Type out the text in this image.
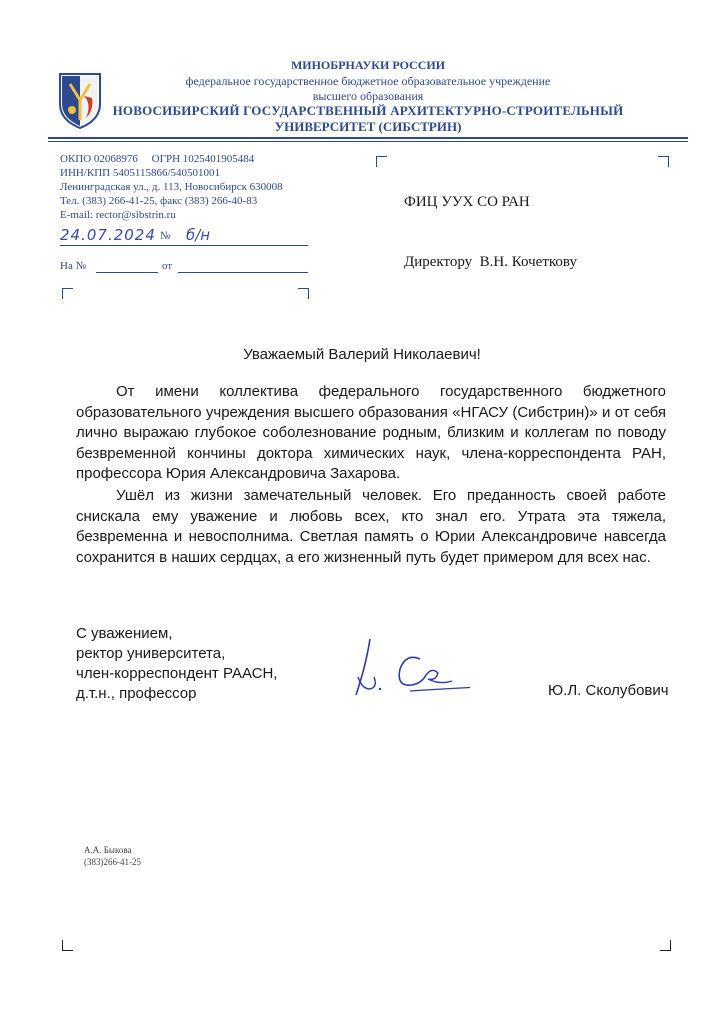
МИНОБРНАУКИ РОССИИ
федеральное государственное бюджетное образовательное учреждение
высшего образования
НОВОСИБИРСКИЙ ГОСУДАРСТВЕННЫЙ АРХИТЕКТУРНО-СТРОИТЕЛЬНЫЙ
УНИВЕРСИТЕТ (СИБСТРИН)
ОКПО 02068976     ОГРН 1025401905484
ИНН/КПП 5405115866/540501001
Ленинградская ул., д. 113, Новосибирск 630008
Тел. (383) 266-41-25, факс (383) 266-40-83
E-mail: rector@sibstrin.ru
24.07.2024 № б/н
На №	от
ФИЦ УУХ СО РАН
Директору  В.Н. Кочеткову
Уважаемый Валерий Николаевич!
От имени коллектива федерального государственного бюджетного образовательного учреждения высшего образования «НГАСУ (Сибстрин)» и от себя лично выражаю глубокое соболезнование родным, близким и коллегам по поводу безвременной кончины доктора химических наук, члена-корреспондента РАН, профессора Юрия Александровича Захарова.
Ушёл из жизни замечательный человек. Его преданность своей работе снискала ему уважение и любовь всех, кто знал его. Утрата эта тяжела, безвременна и невосполнима. Светлая память о Юрии Александровиче навсегда сохранится в наших сердцах, а его жизненный путь будет примером для всех нас.
С уважением,
ректор университета,
член-корреспондент РААСН,
д.т.н., профессор	Ю.Л. Сколубович
А.А. Быкова
(383)266-41-25
